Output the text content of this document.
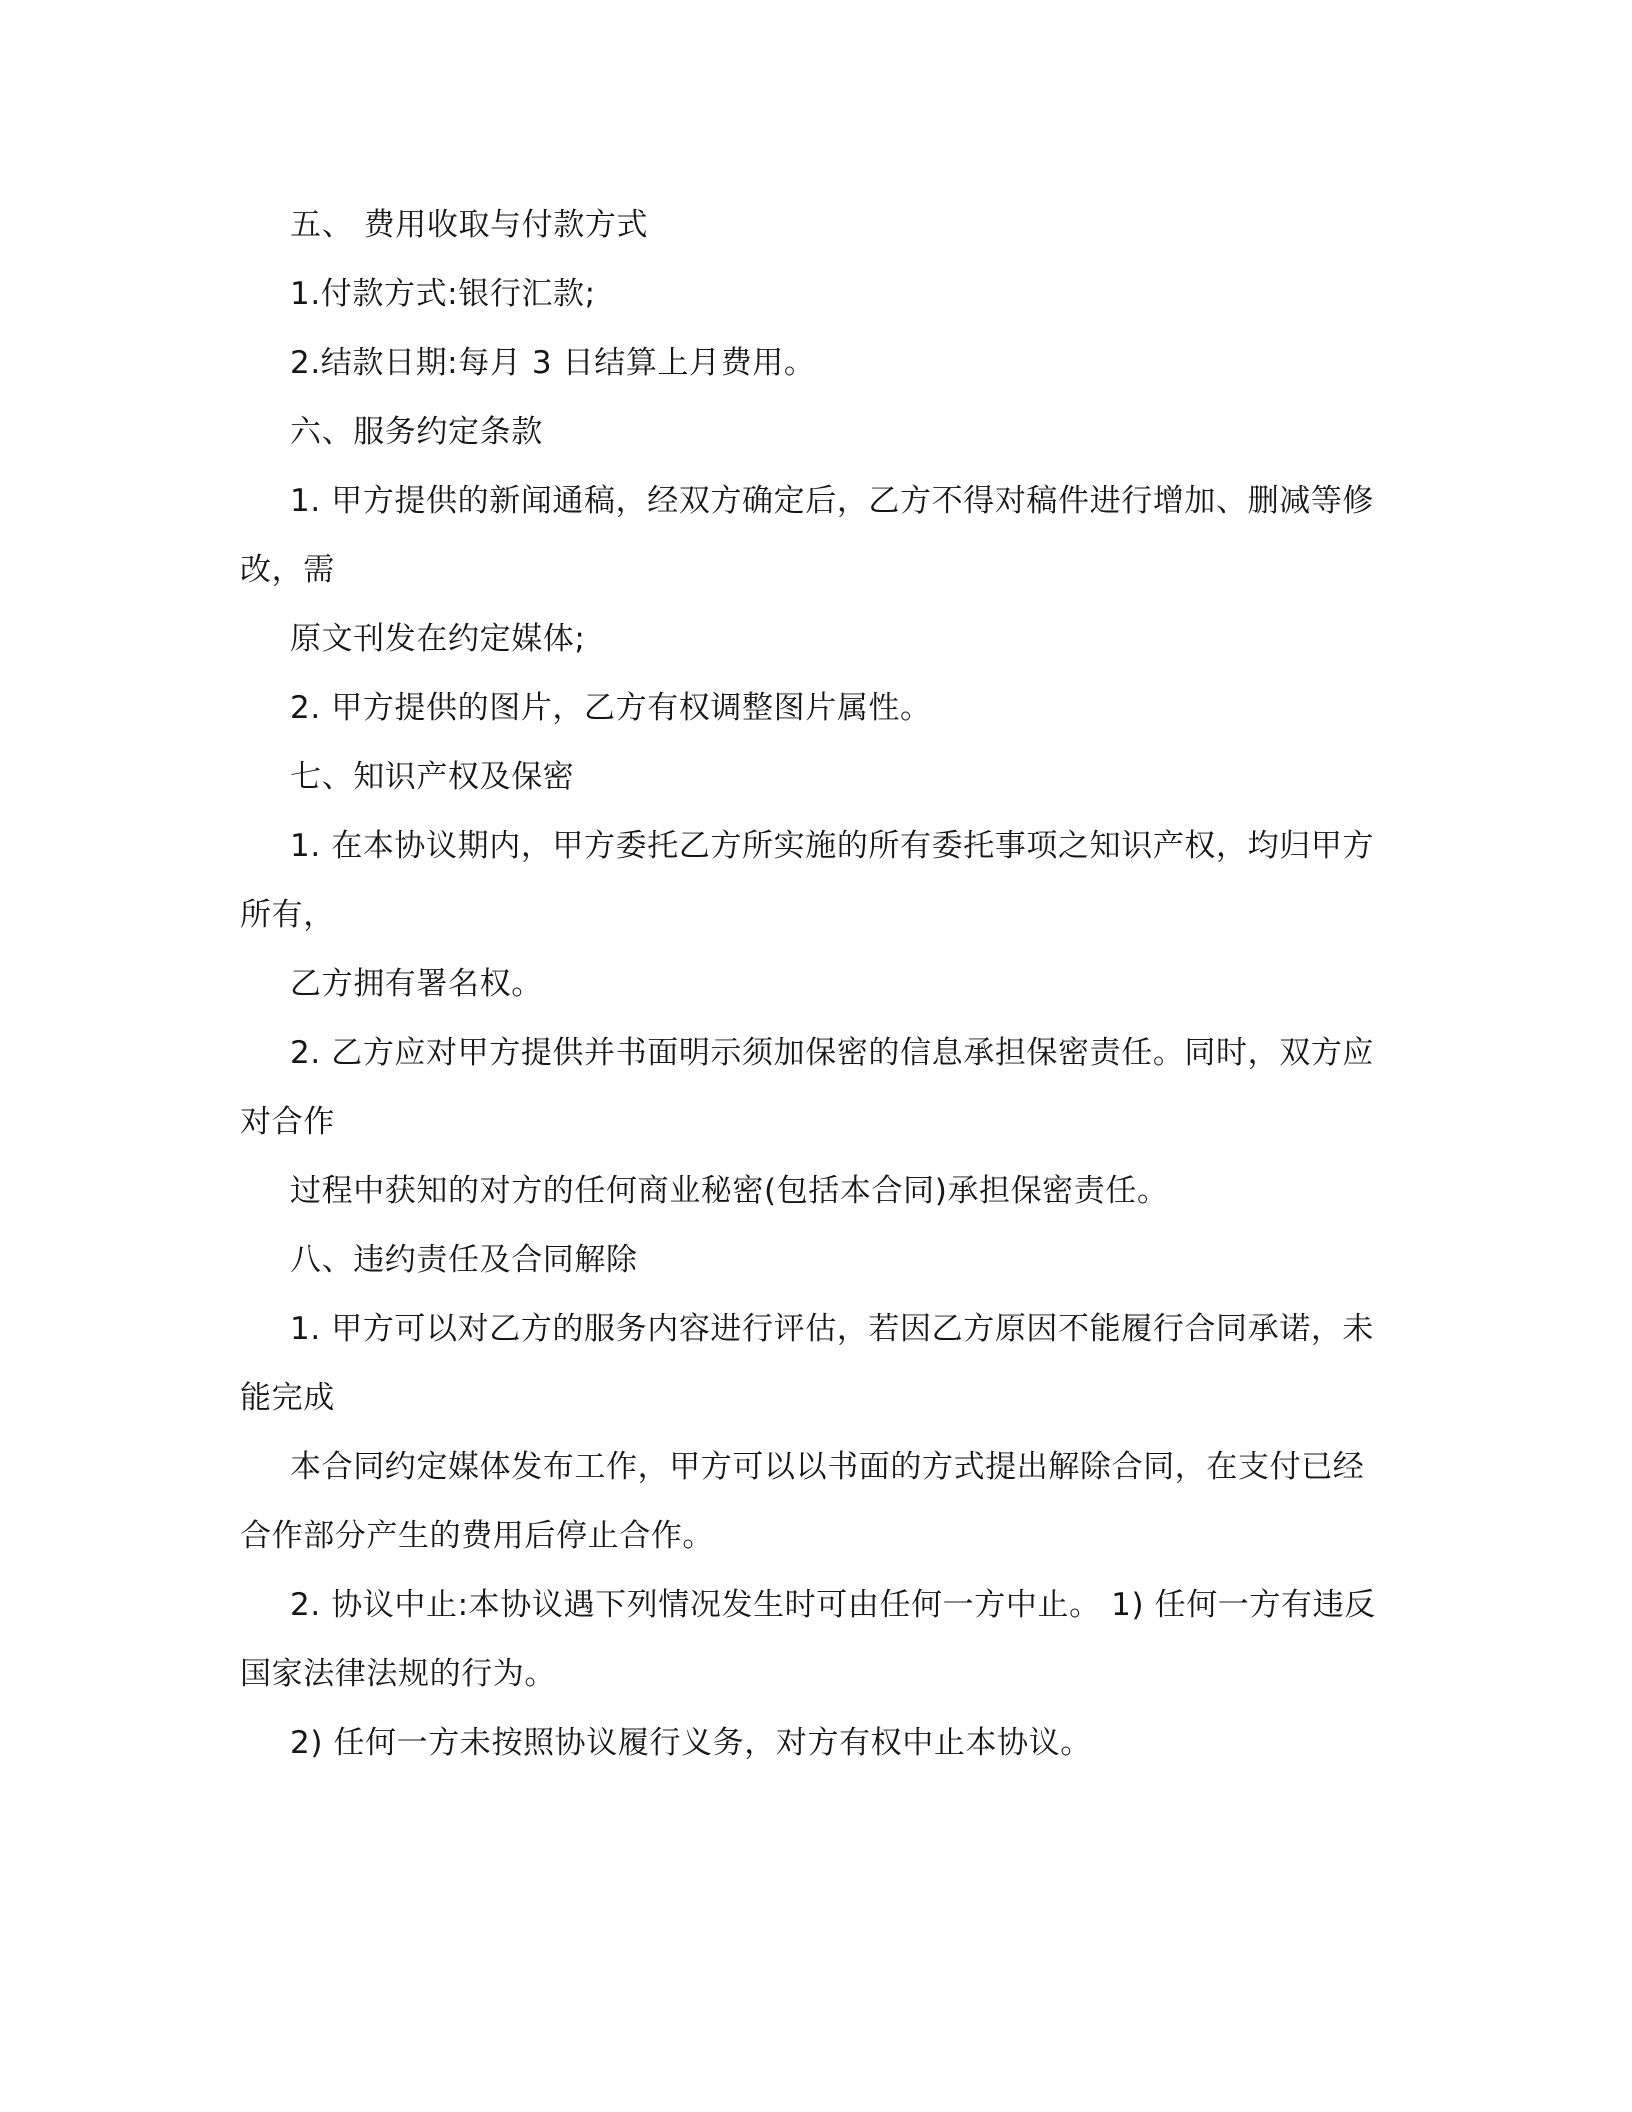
五、 费用收取与付款方式
1.付款方式:银行汇款;
2.结款日期:每月 3 日结算上月费用。
六、服务约定条款
1. 甲方提供的新闻通稿，经双方确定后，乙方不得对稿件进行增加、删减等修
改，需
原文刊发在约定媒体;
2. 甲方提供的图片，乙方有权调整图片属性。
七、知识产权及保密
1. 在本协议期内，甲方委托乙方所实施的所有委托事项之知识产权，均归甲方
所有，
乙方拥有署名权。
2. 乙方应对甲方提供并书面明示须加保密的信息承担保密责任。同时，双方应
对合作
过程中获知的对方的任何商业秘密(包括本合同)承担保密责任。
八、违约责任及合同解除
1. 甲方可以对乙方的服务内容进行评估，若因乙方原因不能履行合同承诺，未
能完成
本合同约定媒体发布工作，甲方可以以书面的方式提出解除合同，在支付已经
合作部分产生的费用后停止合作。
2. 协议中止:本协议遇下列情况发生时可由任何一方中止。 1) 任何一方有违反
国家法律法规的行为。
2) 任何一方未按照协议履行义务，对方有权中止本协议。
